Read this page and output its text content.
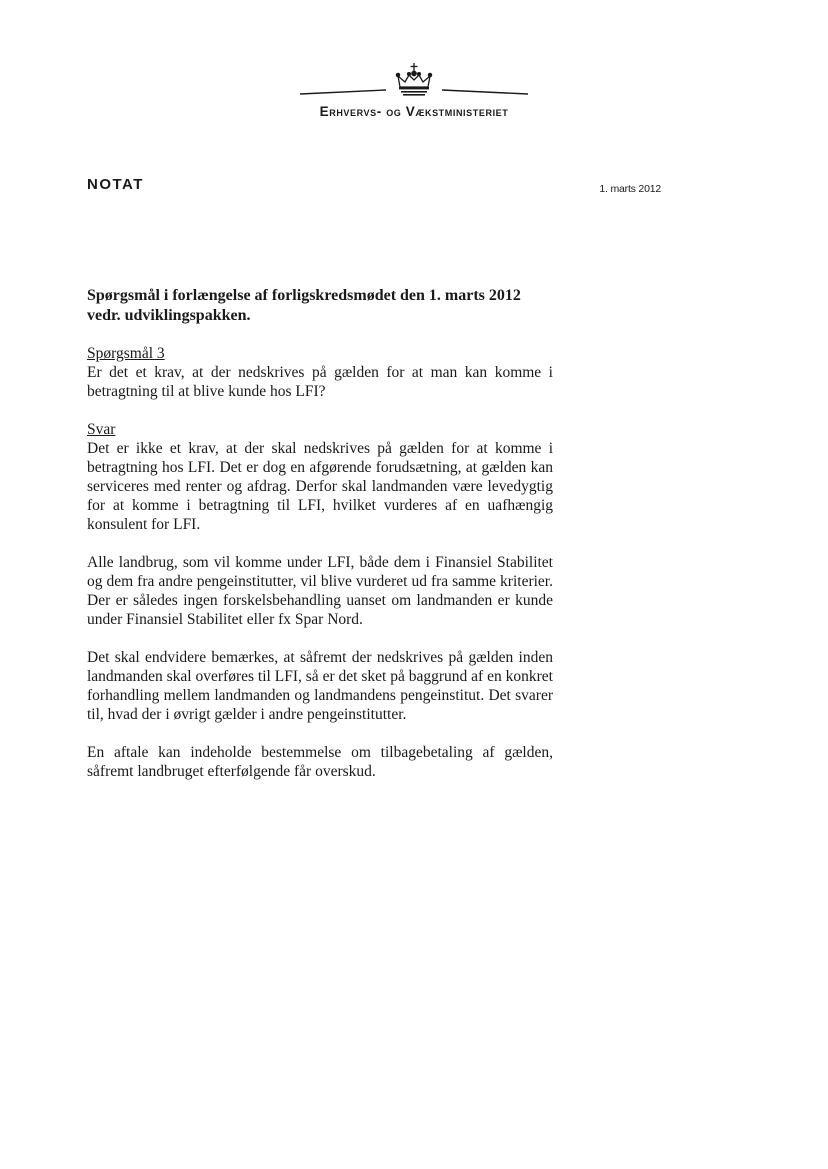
Erhvervs- og Vækstministeriet
NOTAT	1. marts 2012
Spørgsmål i forlængelse af forligskredsmødet den 1. marts 2012 vedr. udviklingspakken.
Spørgsmål 3
Er det et krav, at der nedskrives på gælden for at man kan komme i betragtning til at blive kunde hos LFI?
Svar
Det er ikke et krav, at der skal nedskrives på gælden for at komme i betragtning hos LFI. Det er dog en afgørende forudsætning, at gælden kan serviceres med renter og afdrag. Derfor skal landmanden være levedygtig for at komme i betragtning til LFI, hvilket vurderes af en uafhængig konsulent for LFI.
Alle landbrug, som vil komme under LFI, både dem i Finansiel Stabilitet og dem fra andre pengeinstitutter, vil blive vurderet ud fra samme kriterier. Der er således ingen forskelsbehandling uanset om landmanden er kunde under Finansiel Stabilitet eller fx Spar Nord.
Det skal endvidere bemærkes, at såfremt der nedskrives på gælden inden landmanden skal overføres til LFI, så er det sket på baggrund af en konkret forhandling mellem landmanden og landmandens pengeinstitut. Det svarer til, hvad der i øvrigt gælder i andre pengeinstitutter.
En aftale kan indeholde bestemmelse om tilbagebetaling af gælden, såfremt landbruget efterfølgende får overskud.
